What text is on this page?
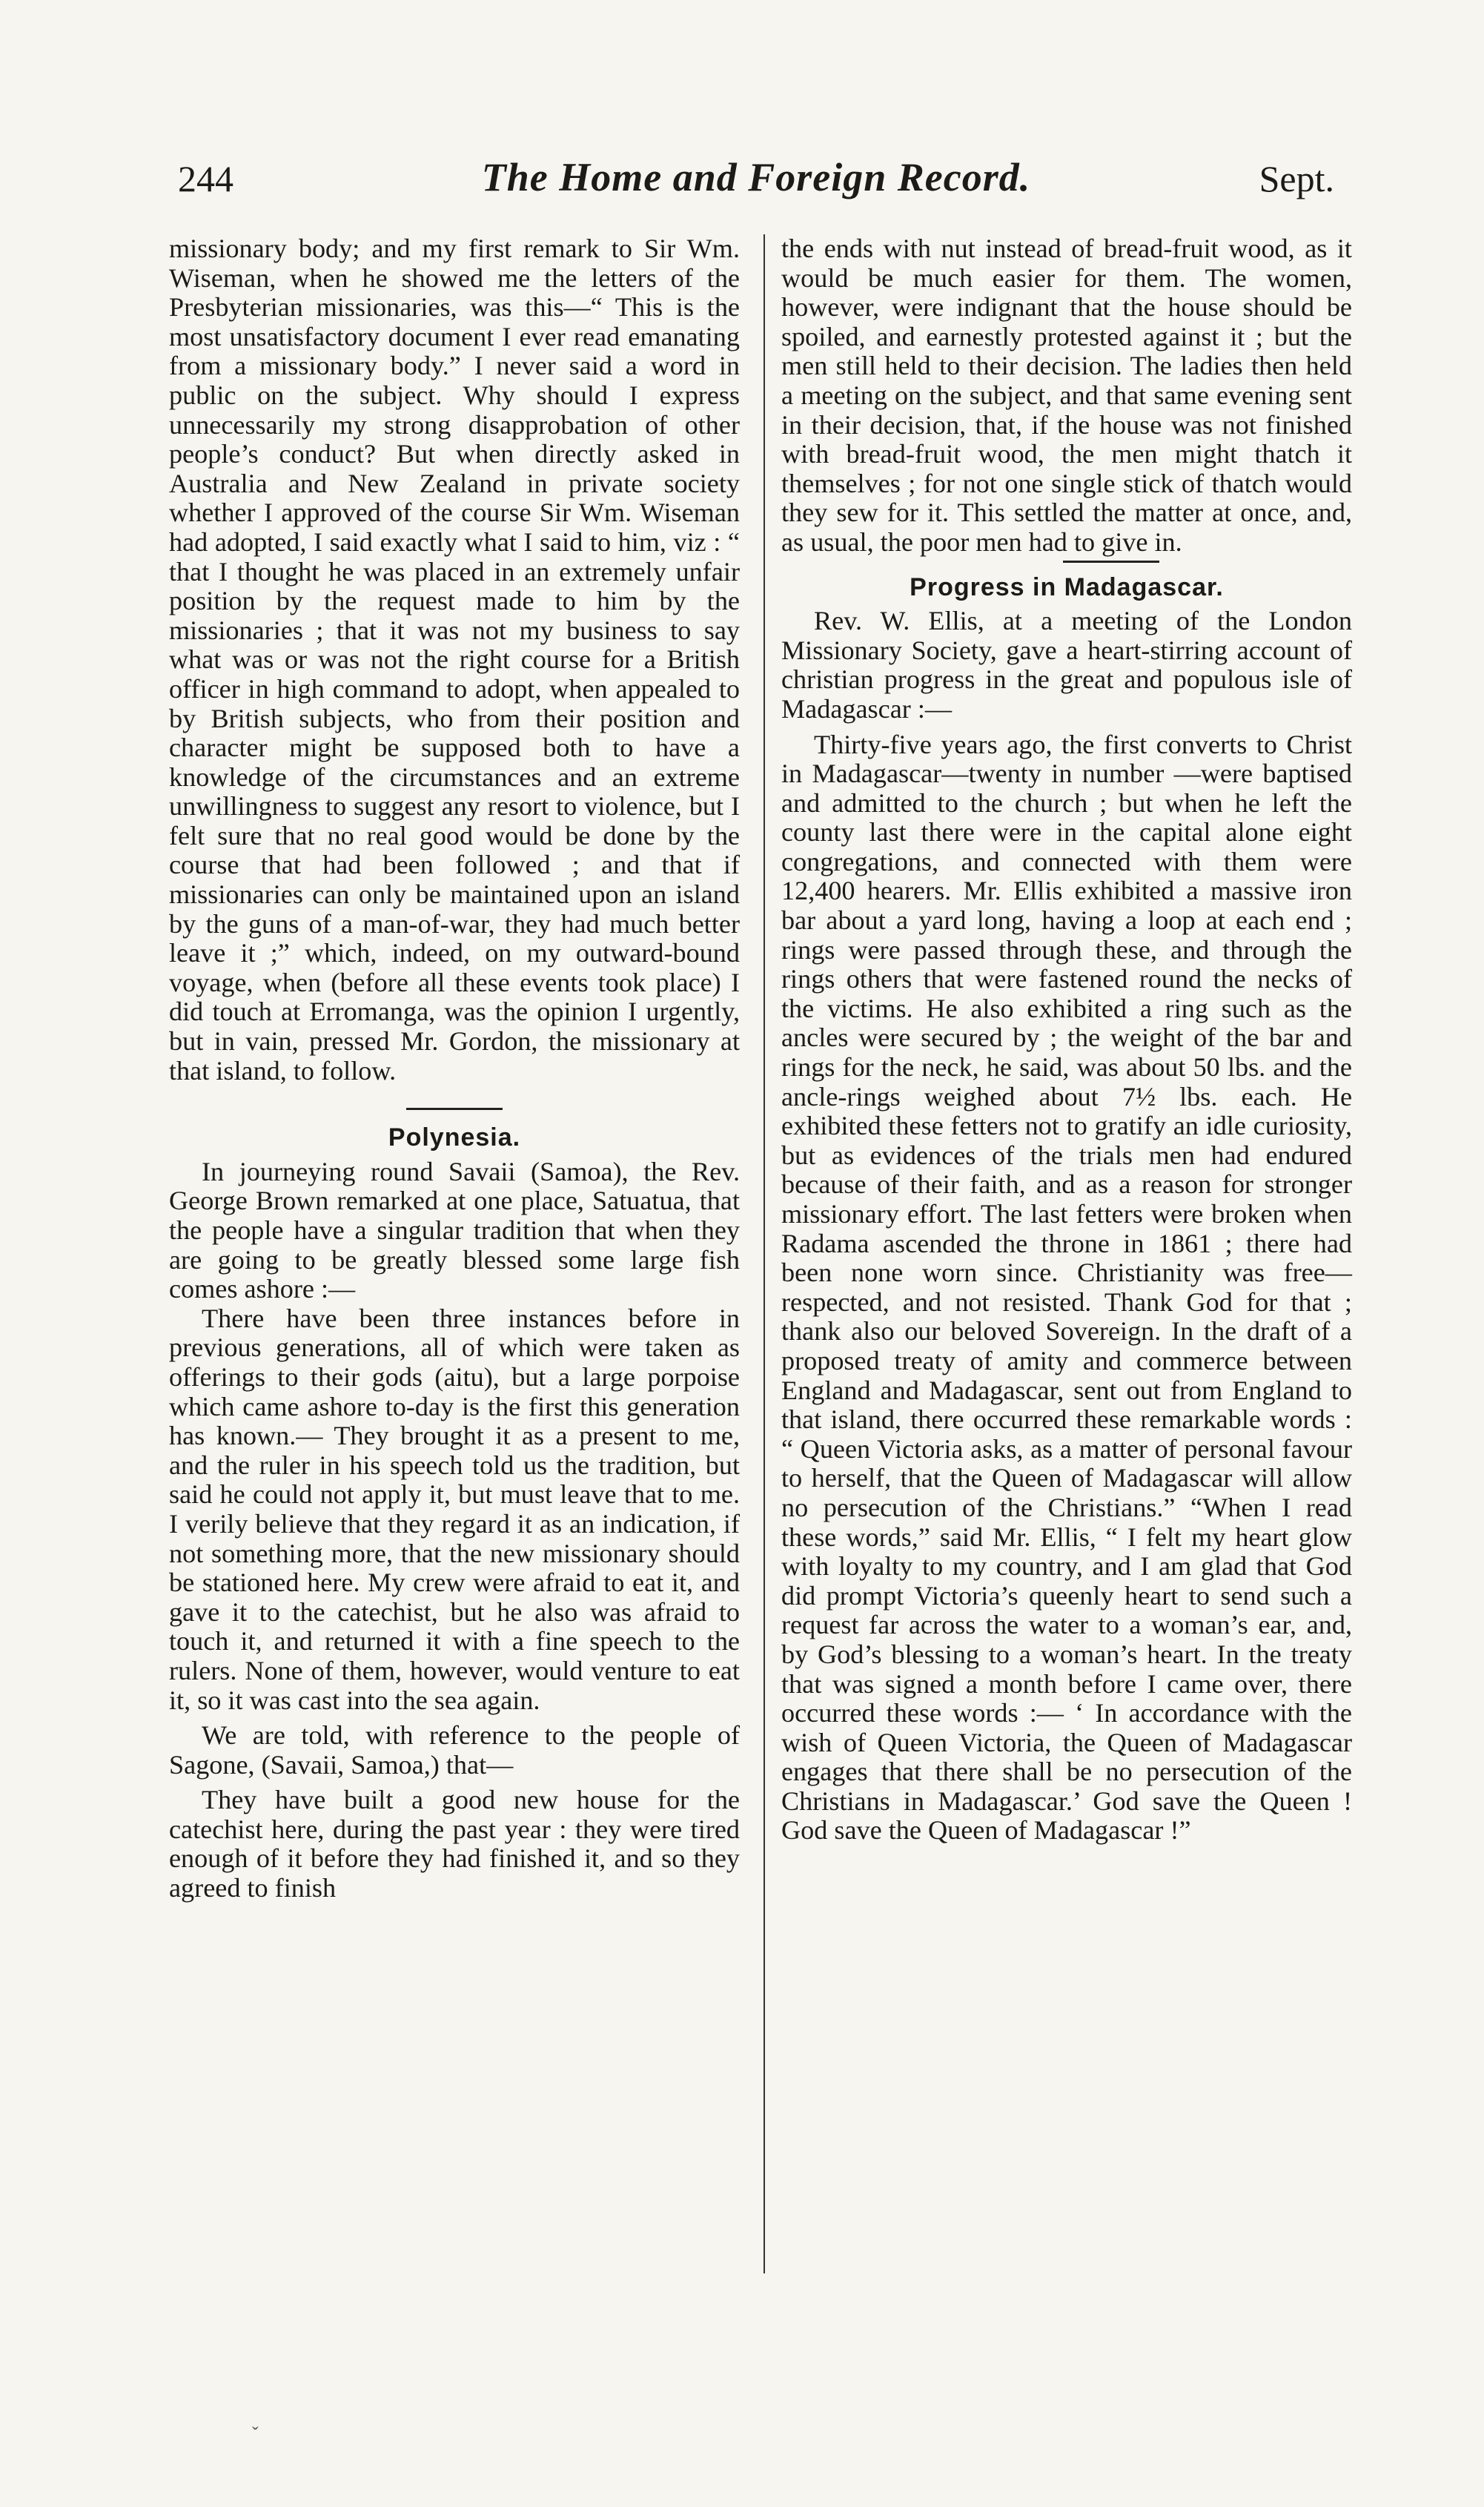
244	The Home and Foreign Record.	Sept.

missionary body; and my first remark to Sir Wm. Wiseman, when he showed me the letters of the Presbyterian missionaries, was this—“ This is the most unsatisfactory document I ever read emanating from a missionary body.” I never said a word in public on the subject. Why should I express unnecessarily my strong disapprobation of other people’s conduct? But when directly asked in Australia and New Zealand in private society whether I approved of the course Sir Wm. Wiseman had adopted, I said exactly what I said to him, viz : “ that I thought he was placed in an extremely unfair position by the request made to him by the missionaries ; that it was not my business to say what was or was not the right course for a British officer in high command to adopt, when appealed to by British subjects, who from their position and character might be supposed both to have a knowledge of the circumstances and an extreme unwillingness to suggest any resort to violence, but I felt sure that no real good would be done by the course that had been followed ; and that if missionaries can only be maintained upon an island by the guns of a man-of-war, they had much better leave it ;” which, indeed, on my outward-bound voyage, when (before all these events took place) I did touch at Erromanga, was the opinion I urgently, but in vain, pressed Mr. Gordon, the missionary at that island, to follow.

Polynesia.

In journeying round Savaii (Samoa), the Rev. George Brown remarked at one place, Satuatua, that the people have a singular tradition that when they are going to be greatly blessed some large fish comes ashore :—

There have been three instances before in previous generations, all of which were taken as offerings to their gods (aitu), but a large porpoise which came ashore to-day is the first this generation has known.— They brought it as a present to me, and the ruler in his speech told us the tradition, but said he could not apply it, but must leave that to me. I verily believe that they regard it as an indication, if not something more, that the new missionary should be stationed here. My crew were afraid to eat it, and gave it to the catechist, but he also was afraid to touch it, and returned it with a fine speech to the rulers. None of them, however, would venture to eat it, so it was cast into the sea again.

We are told, with reference to the people of Sagone, (Savaii, Samoa,) that—

They have built a good new house for the catechist here, during the past year : they were tired enough of it before they had finished it, and so they agreed to finish

the ends with nut instead of bread-fruit wood, as it would be much easier for them. The women, however, were indignant that the house should be spoiled, and earnestly protested against it ; but the men still held to their decision. The ladies then held a meeting on the subject, and that same evening sent in their decision, that, if the house was not finished with bread-fruit wood, the men might thatch it themselves ; for not one single stick of thatch would they sew for it. This settled the matter at once, and, as usual, the poor men had to give in.

Progress in Madagascar.

Rev. W. Ellis, at a meeting of the London Missionary Society, gave a heart-stirring account of christian progress in the great and populous isle of Madagascar :—

Thirty-five years ago, the first converts to Christ in Madagascar—twenty in number —were baptised and admitted to the church ; but when he left the county last there were in the capital alone eight congregations, and connected with them were 12,400 hearers. Mr. Ellis exhibited a massive iron bar about a yard long, having a loop at each end ; rings were passed through these, and through the rings others that were fastened round the necks of the victims. He also exhibited a ring such as the ancles were secured by ; the weight of the bar and rings for the neck, he said, was about 50 lbs. and the ancle-rings weighed about 7½ lbs. each. He exhibited these fetters not to gratify an idle curiosity, but as evidences of the trials men had endured because of their faith, and as a reason for stronger missionary effort. The last fetters were broken when Radama ascended the throne in 1861 ; there had been none worn since. Christianity was free—respected, and not resisted. Thank God for that ; thank also our beloved Sovereign. In the draft of a proposed treaty of amity and commerce between England and Madagascar, sent out from England to that island, there occurred these remarkable words : “ Queen Victoria asks, as a matter of personal favour to herself, that the Queen of Madagascar will allow no persecution of the Christians.” “When I read these words,” said Mr. Ellis, “ I felt my heart glow with loyalty to my country, and I am glad that God did prompt Victoria’s queenly heart to send such a request far across the water to a woman’s ear, and, by God’s blessing to a woman’s heart. In the treaty that was signed a month before I came over, there occurred these words :— ‘ In accordance with the wish of Queen Victoria, the Queen of Madagascar engages that there shall be no persecution of the Christians in Madagascar.’ God save the Queen ! God save the Queen of Madagascar !”

ˇ
